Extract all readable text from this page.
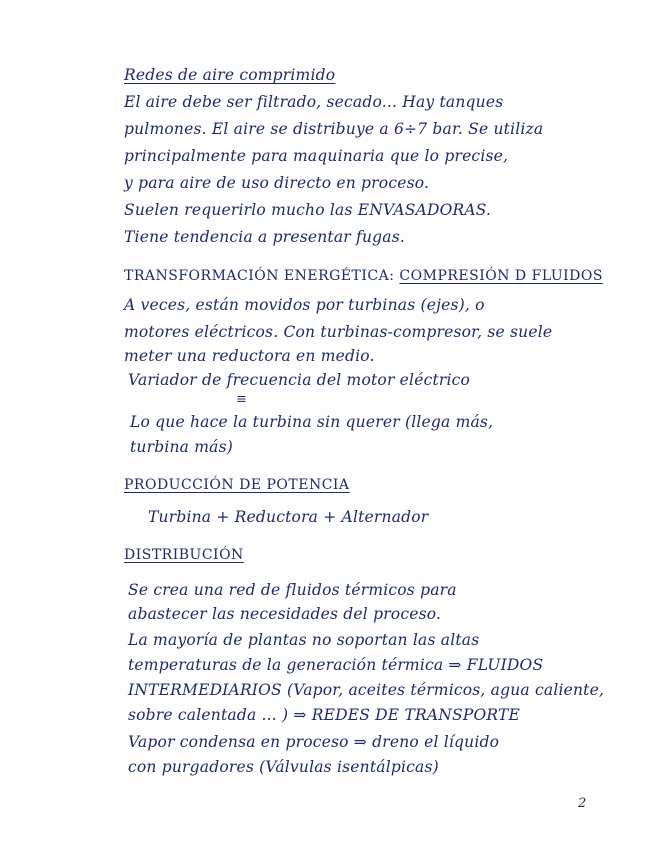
Redes de aire comprimido
El aire debe ser filtrado, secado... Hay tanques
pulmones. El aire se distribuye a 6÷7 bar. Se utiliza
principalmente para maquinaria que lo precise,
y para aire de uso directo en proceso.
Suelen requerirlo mucho las ENVASADORAS.
Tiene tendencia a presentar fugas.
TRANSFORMACIÓN ENERGÉTICA: COMPRESIÓN D FLUIDOS
A veces, están movidos por turbinas (ejes), o
motores eléctricos. Con turbinas-compresor, se suele
meter una reductora en medio.
Variador de frecuencia del motor eléctrico
≡
Lo que hace la turbina sin querer (llega más,
turbina más)
PRODUCCIÓN DE POTENCIA
Turbina + Reductora + Alternador
DISTRIBUCIÓN
Se crea una red de fluidos térmicos para
abastecer las necesidades del proceso.
La mayoría de plantas no soportan las altas
temperaturas de la generación térmica ⇒ FLUIDOS
INTERMEDIARIOS (Vapor, aceites térmicos, agua caliente,
sobre calentada ... ) ⇒ REDES DE TRANSPORTE
Vapor condensa en proceso ⇒ dreno el líquido
con purgadores (Válvulas isentálpicas)
2
